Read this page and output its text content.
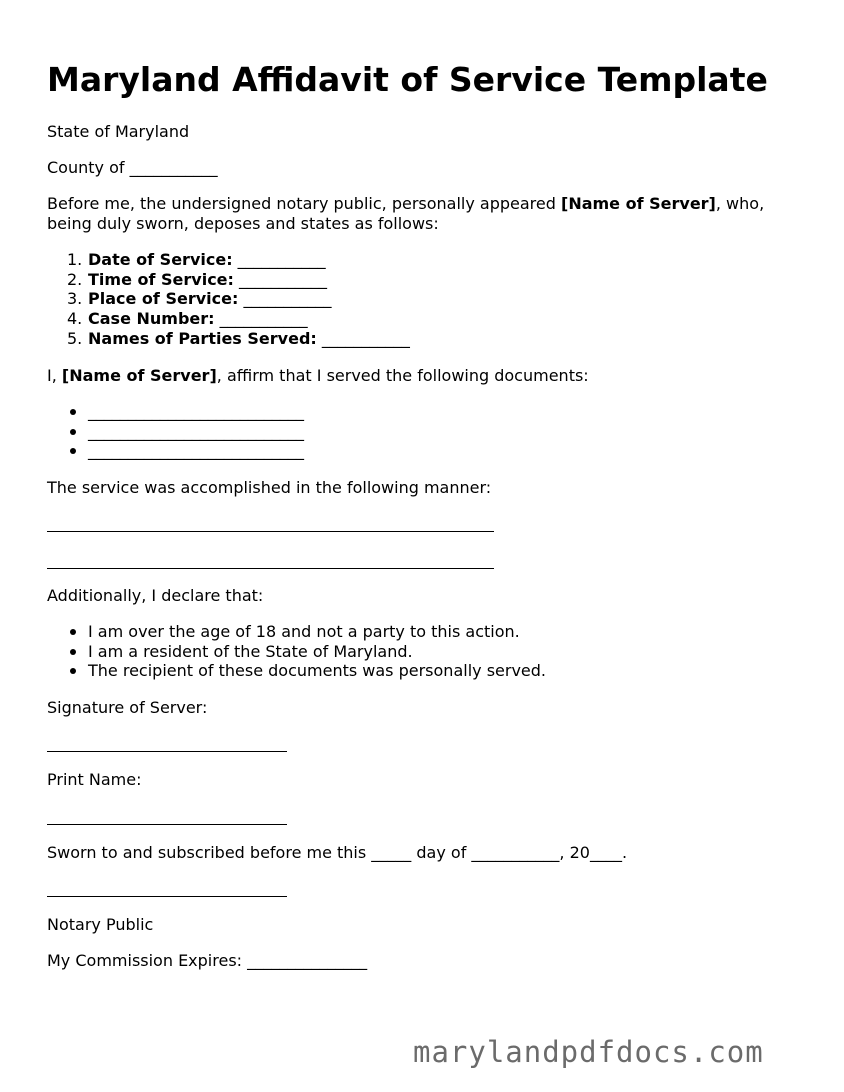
Maryland Affidavit of Service Template
State of Maryland
County of ___________
Before me, the undersigned notary public, personally appeared [Name of Server], who, being duly sworn, deposes and states as follows:
1. Date of Service: ___________
2. Time of Service: ___________
3. Place of Service: ___________
4. Case Number: ___________
5. Names of Parties Served: ___________
I, [Name of Server], affirm that I served the following documents:
___________________________
___________________________
___________________________
The service was accomplished in the following manner:
Additionally, I declare that:
I am over the age of 18 and not a party to this action.
I am a resident of the State of Maryland.
The recipient of these documents was personally served.
Signature of Server:
Print Name:
Sworn to and subscribed before me this _____ day of ___________, 20____.
Notary Public
My Commission Expires: _______________
marylandpdfdocs.com
